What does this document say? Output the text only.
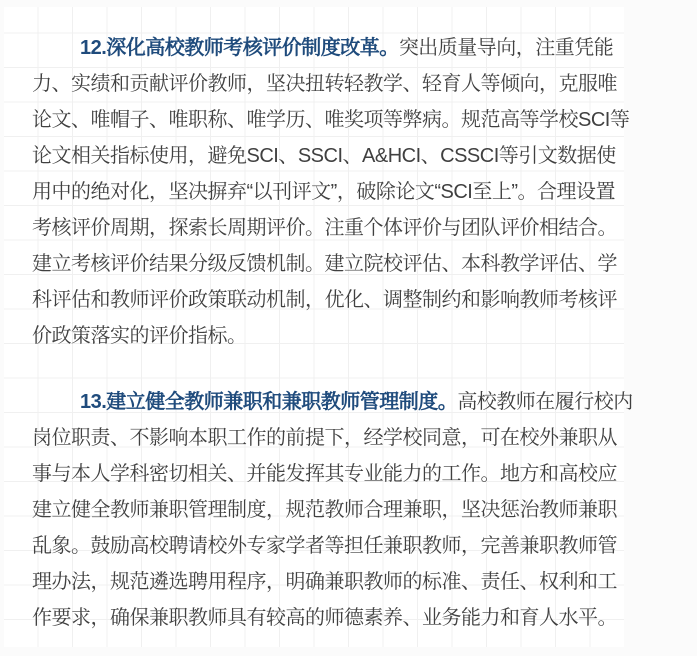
12.深化高校教师考核评价制度改革。突出质量导向，注重凭能
力、实绩和贡献评价教师，坚决扭转轻教学、轻育人等倾向，克服唯
论文、唯帽子、唯职称、唯学历、唯奖项等弊病。规范高等学校SCI等
论文相关指标使用，避免SCI、SSCI、A&HCI、CSSCI等引文数据使
用中的绝对化，坚决摒弃“以刊评文”，破除论文“SCI至上”。合理设置
考核评价周期，探索长周期评价。注重个体评价与团队评价相结合。
建立考核评价结果分级反馈机制。建立院校评估、本科教学评估、学
科评估和教师评价政策联动机制，优化、调整制约和影响教师考核评
价政策落实的评价指标。
13.建立健全教师兼职和兼职教师管理制度。高校教师在履行校内
岗位职责、不影响本职工作的前提下，经学校同意，可在校外兼职从
事与本人学科密切相关、并能发挥其专业能力的工作。地方和高校应
建立健全教师兼职管理制度，规范教师合理兼职，坚决惩治教师兼职
乱象。鼓励高校聘请校外专家学者等担任兼职教师，完善兼职教师管
理办法，规范遴选聘用程序，明确兼职教师的标准、责任、权利和工
作要求，确保兼职教师具有较高的师德素养、业务能力和育人水平。
